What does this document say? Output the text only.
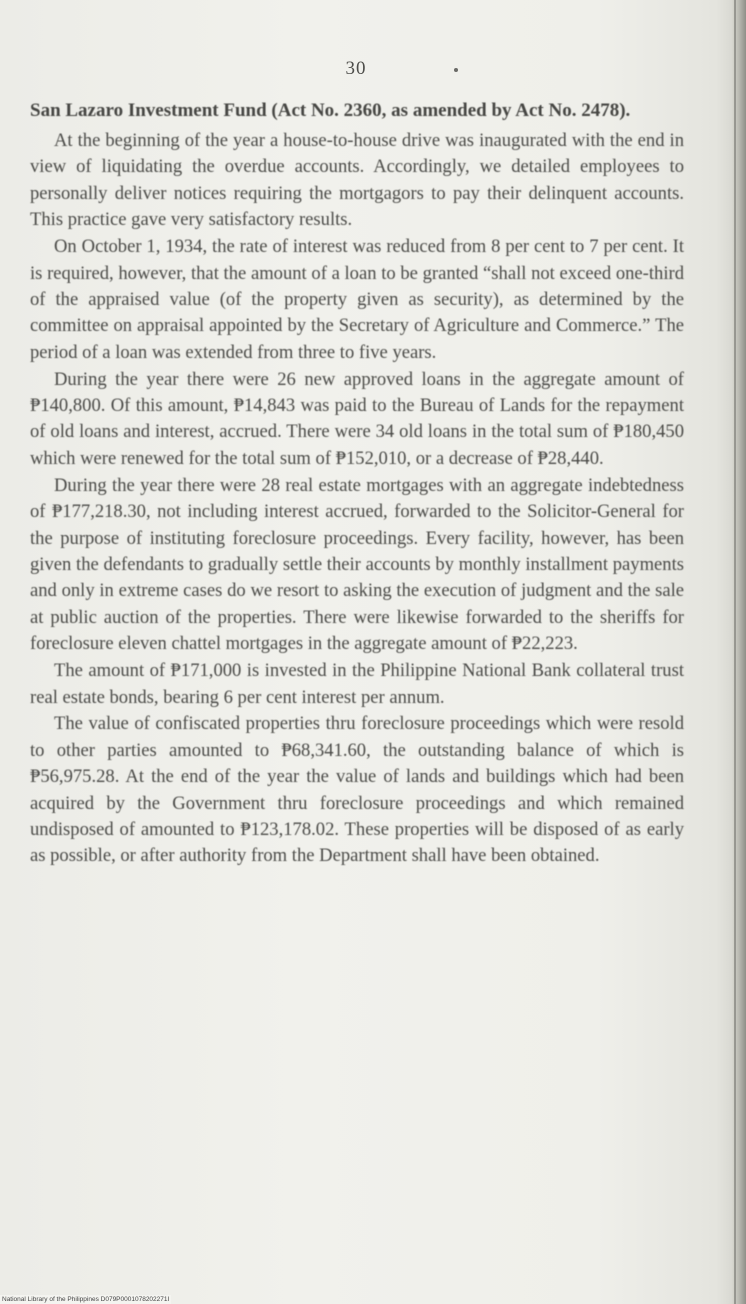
30

San Lazaro Investment Fund (Act No. 2360, as amended by Act No. 2478).

At the beginning of the year a house-to-house drive was inaugurated with the end in view of liquidating the overdue accounts. Accordingly, we detailed employees to personally deliver notices requiring the mortgagors to pay their delinquent accounts. This practice gave very satisfactory results.

On October 1, 1934, the rate of interest was reduced from 8 per cent to 7 per cent. It is required, however, that the amount of a loan to be granted “shall not exceed one-third of the appraised value (of the property given as security), as determined by the committee on appraisal appointed by the Secretary of Agriculture and Commerce.” The period of a loan was extended from three to five years.

During the year there were 26 new approved loans in the aggregate amount of ₱140,800. Of this amount, ₱14,843 was paid to the Bureau of Lands for the repayment of old loans and interest, accrued. There were 34 old loans in the total sum of ₱180,450 which were renewed for the total sum of ₱152,010, or a decrease of ₱28,440.

During the year there were 28 real estate mortgages with an aggregate indebtedness of ₱177,218.30, not including interest accrued, forwarded to the Solicitor-General for the purpose of instituting foreclosure proceedings. Every facility, however, has been given the defendants to gradually settle their accounts by monthly installment payments and only in extreme cases do we resort to asking the execution of judgment and the sale at public auction of the properties. There were likewise forwarded to the sheriffs for foreclosure eleven chattel mortgages in the aggregate amount of ₱22,223.

The amount of ₱171,000 is invested in the Philippine National Bank collateral trust real estate bonds, bearing 6 per cent interest per annum.

The value of confiscated properties thru foreclosure proceedings which were resold to other parties amounted to ₱68,341.60, the outstanding balance of which is ₱56,975.28. At the end of the year the value of lands and buildings which had been acquired by the Government thru foreclosure proceedings and which remained undisposed of amounted to ₱123,178.02. These properties will be disposed of as early as possible, or after authority from the Department shall have been obtained.

National Library of the Philippines D079P0001078202271I
